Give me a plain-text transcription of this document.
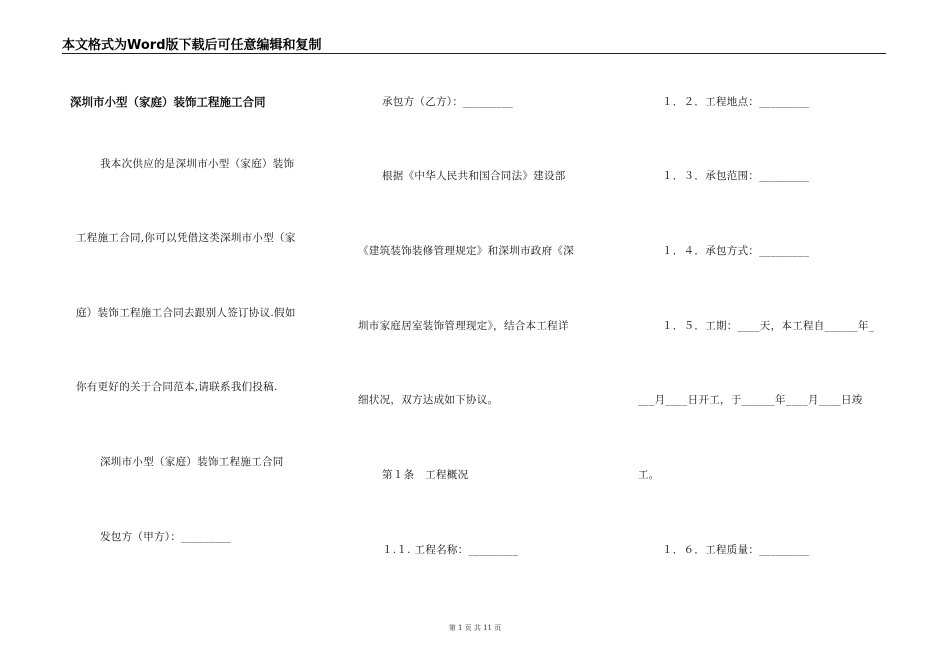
本文格式为Word版下载后可任意编辑和复制
深圳市小型（家庭）装饰工程施工合同
我本次供应的是深圳市小型（家庭）装饰
工程施工合同,你可以凭借这类深圳市小型（家
庭）装饰工程施工合同去跟别人签订协议.假如
你有更好的关于合同范本,请联系我们投稿.
深圳市小型（家庭）装饰工程施工合同
发包方（甲方）：_________
承包方（乙方）：_________
根据《中华人民共和国合同法》建设部
《建筑装饰装修管理规定》和深圳市政府《深
圳市家庭居室装饰管理现定》，结合本工程详
细状况，双方达成如下协议。
第１条　工程概况
１.１. 工程名称：_________
１．２．工程地点：_________
１．３．承包范围：_________
１．４．承包方式：_________
１．５．工期：____天，本工程自______年_
___月____日开工，于______年____月____日竣
工。
１．６．工程质量：_________
第 1 页 共 11 页
